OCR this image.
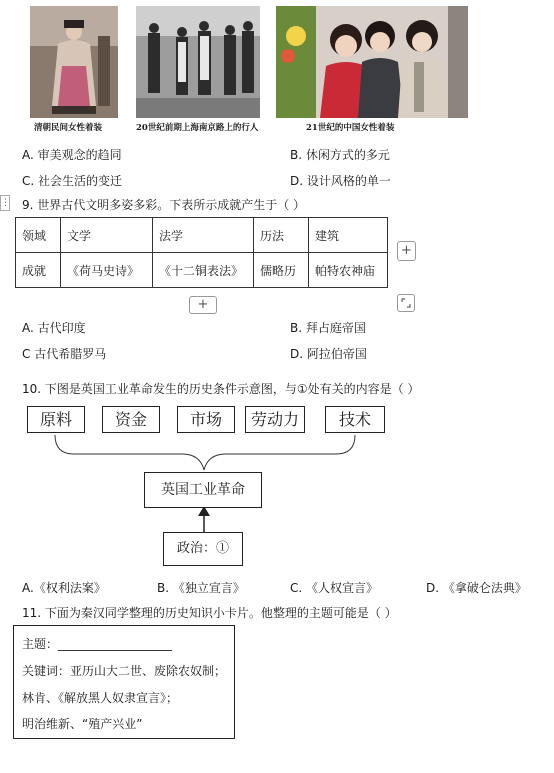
清朝民间女性着装	20世纪前期上海南京路上的行人	21世纪的中国女性着装
A. 审美观念的趋同	B. 休闲方式的多元
C. 社会生活的变迁	D. 设计风格的单一
⋮ 9. 世界古代文明多姿多彩。下表所示成就产生于（ ）
领域	文学	法学	历法	建筑
成就	《荷马史诗》	《十二铜表法》	儒略历	帕特农神庙
+
+
A. 古代印度	B. 拜占庭帝国
C 古代希腊罗马	D. 阿拉伯帝国
10. 下图是英国工业革命发生的历史条件示意图，与①处有关的内容是（ ）
原料	资金	市场	劳动力	技术
英国工业革命
政治：①
A.《权利法案》	B. 《独立宣言》	C. 《人权宣言》	D. 《拿破仑法典》
11. 下面为秦汉同学整理的历史知识小卡片。他整理的主题可能是（ ）
主题：___________________
关键词：亚历山大二世、废除农奴制；
林肯、《解放黑人奴隶宣言》；
明治维新、“殖产兴业”
